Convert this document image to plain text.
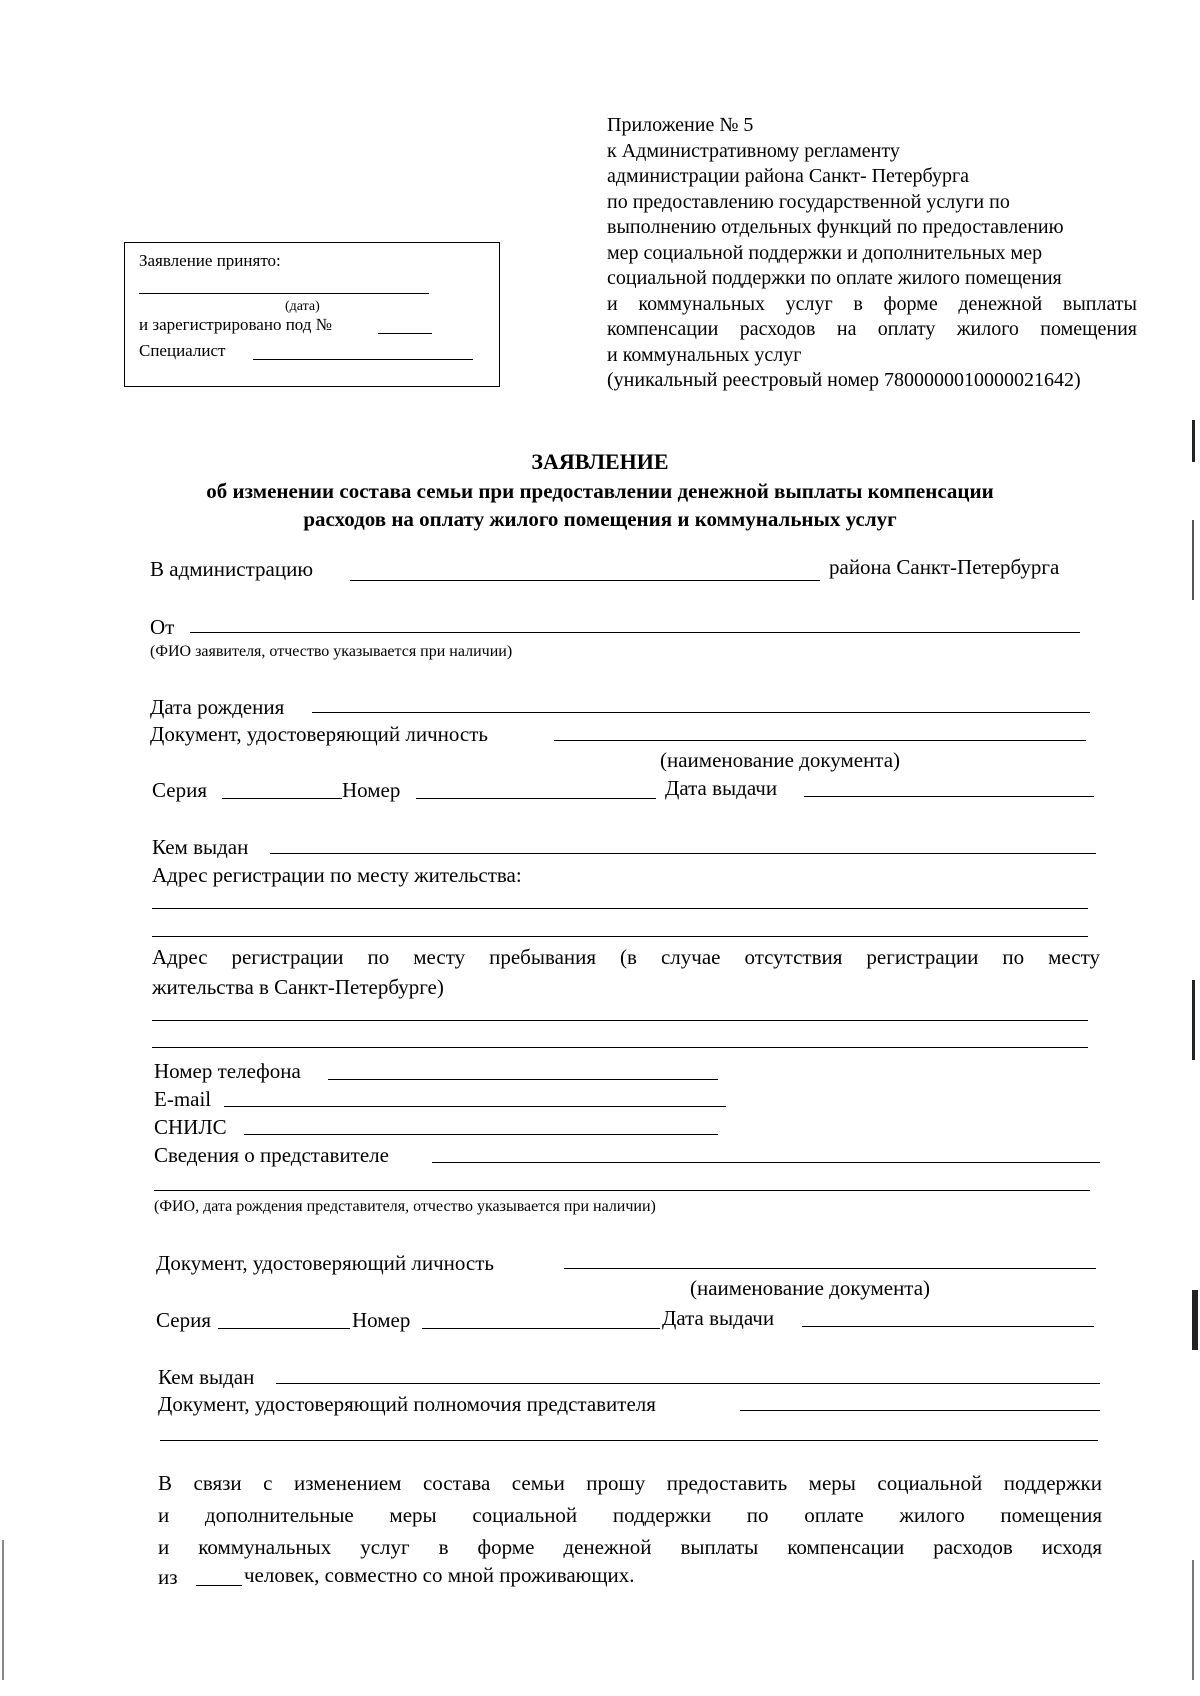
Приложение № 5
к Административному регламенту
администрации района Санкт- Петербурга
по предоставлению государственной услуги по
выполнению отдельных функций по предоставлению
мер социальной поддержки и дополнительных мер
социальной поддержки по оплате жилого помещения
и коммунальных услуг в форме денежной выплаты
компенсации расходов на оплату жилого помещения
и коммунальных услуг
(уникальный реестровый номер 7800000010000021642)
Заявление принято:
(дата)
и зарегистрировано под №
Специалист
ЗАЯВЛЕНИЕ
об изменении состава семьи при предоставлении денежной выплаты компенсации
расходов на оплату жилого помещения и коммунальных услуг
В администрацию	района Санкт-Петербурга
От
(ФИО заявителя, отчество указывается при наличии)
Дата рождения
Документ, удостоверяющий личность
(наименование документа)
Серия	Номер	Дата выдачи
Кем выдан
Адрес регистрации по месту жительства:
Адрес регистрации по месту пребывания (в случае отсутствия регистрации по месту
жительства в Санкт-Петербурге)
Номер телефона
E-mail
СНИЛС
Сведения о представителе
(ФИО, дата рождения представителя, отчество указывается при наличии)
Документ, удостоверяющий личность
(наименование документа)
Серия	Номер	Дата выдачи
Кем выдан
Документ, удостоверяющий полномочия представителя
В связи с изменением состава семьи прошу предоставить меры социальной поддержки
и дополнительные меры социальной поддержки по оплате жилого помещения
и коммунальных услуг в форме денежной выплаты компенсации расходов исходя
из	человек, совместно со мной проживающих.
